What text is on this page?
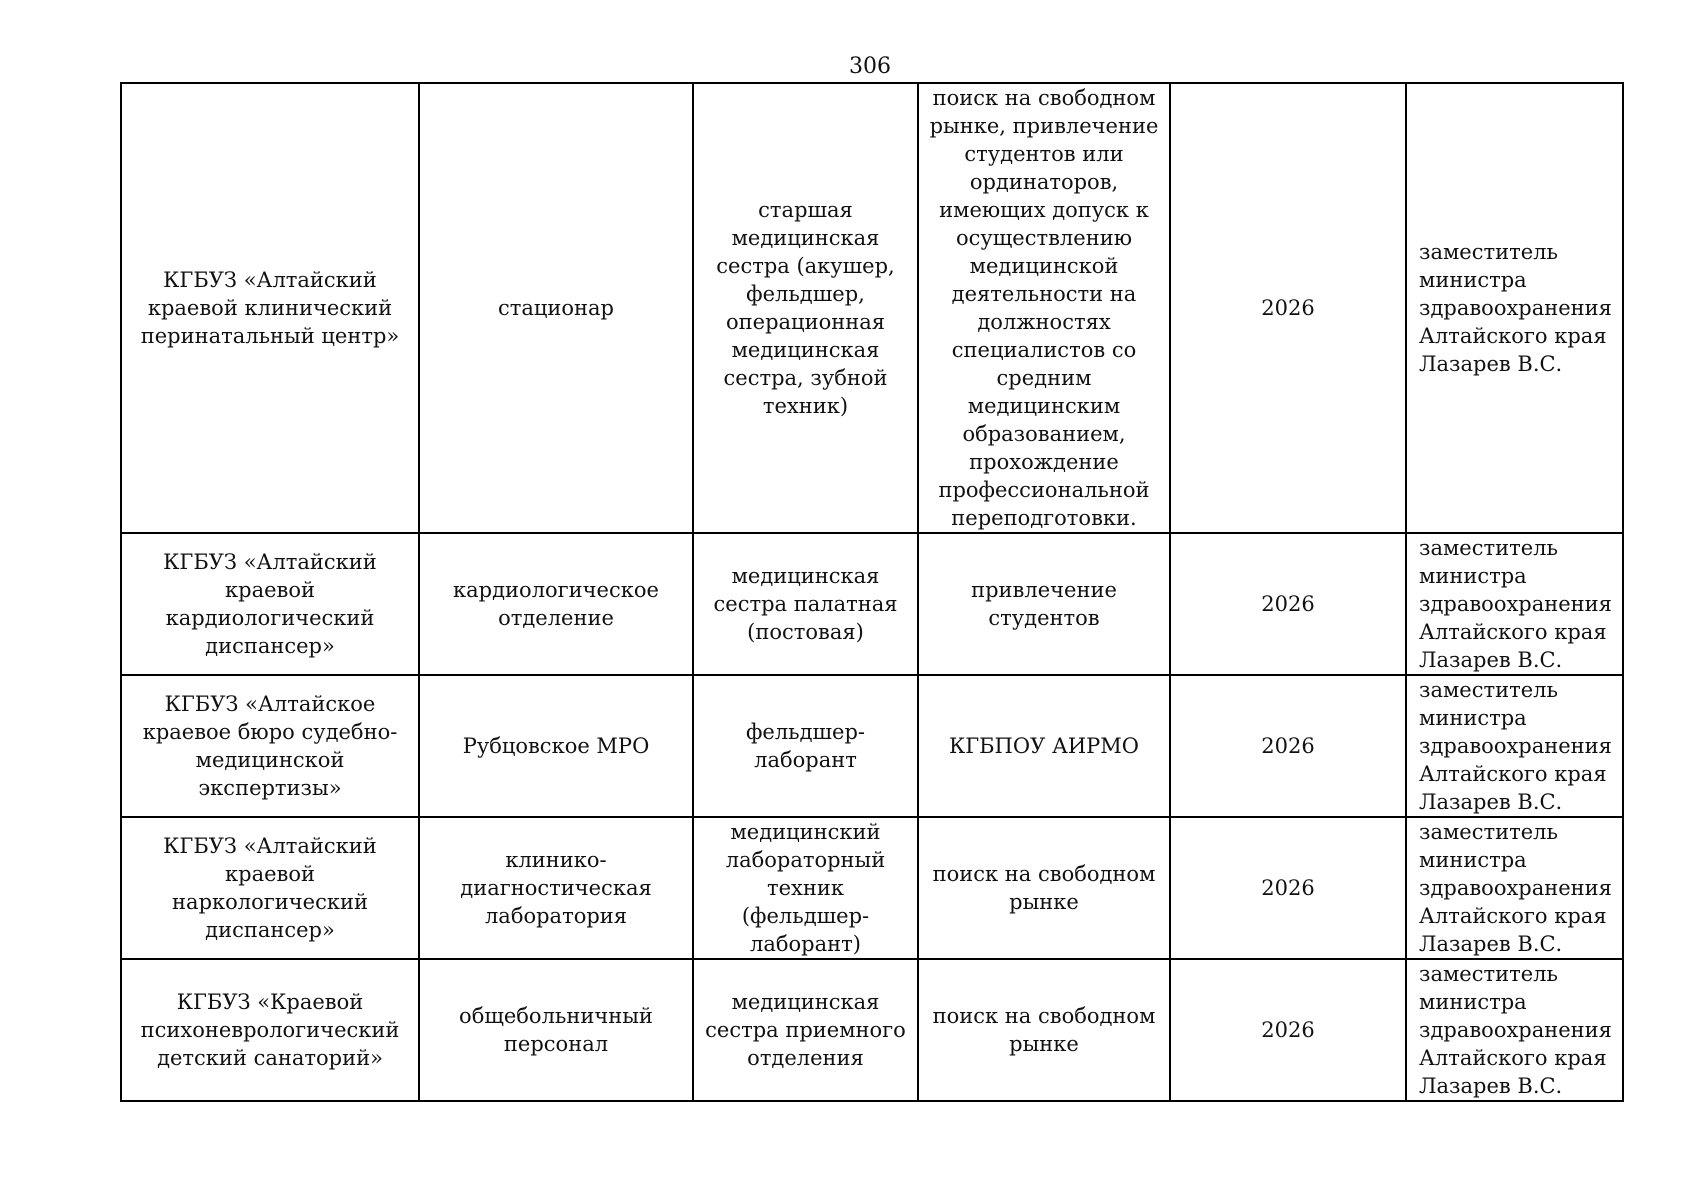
306
КГБУЗ «Алтайский краевой клинический перинатальный центр»	стационар	старшая медицинская сестра (акушер, фельдшер, операционная медицинская сестра, зубной техник)	поиск на свободном рынке, привлечение студентов или ординаторов, имеющих допуск к осуществлению медицинской деятельности на должностях специалистов со средним медицинским образованием, прохождение профессиональной переподготовки.	2026	заместитель министра здравоохранения Алтайского края Лазарев В.С.
КГБУЗ «Алтайский краевой кардиологический диспансер»	кардиологическое отделение	медицинская сестра палатная (постовая)	привлечение студентов	2026	заместитель министра здравоохранения Алтайского края Лазарев В.С.
КГБУЗ «Алтайское краевое бюро судебно-медицинской экспертизы»	Рубцовское МРО	фельдшер-лаборант	КГБПОУ АИРМО	2026	заместитель министра здравоохранения Алтайского края Лазарев В.С.
КГБУЗ «Алтайский краевой наркологический диспансер»	клинико-диагностическая лаборатория	медицинский лабораторный техник (фельдшер-лаборант)	поиск на свободном рынке	2026	заместитель министра здравоохранения Алтайского края Лазарев В.С.
КГБУЗ «Краевой психоневрологический детский санаторий»	общебольничный персонал	медицинская сестра приемного отделения	поиск на свободном рынке	2026	заместитель министра здравоохранения Алтайского края Лазарев В.С.
